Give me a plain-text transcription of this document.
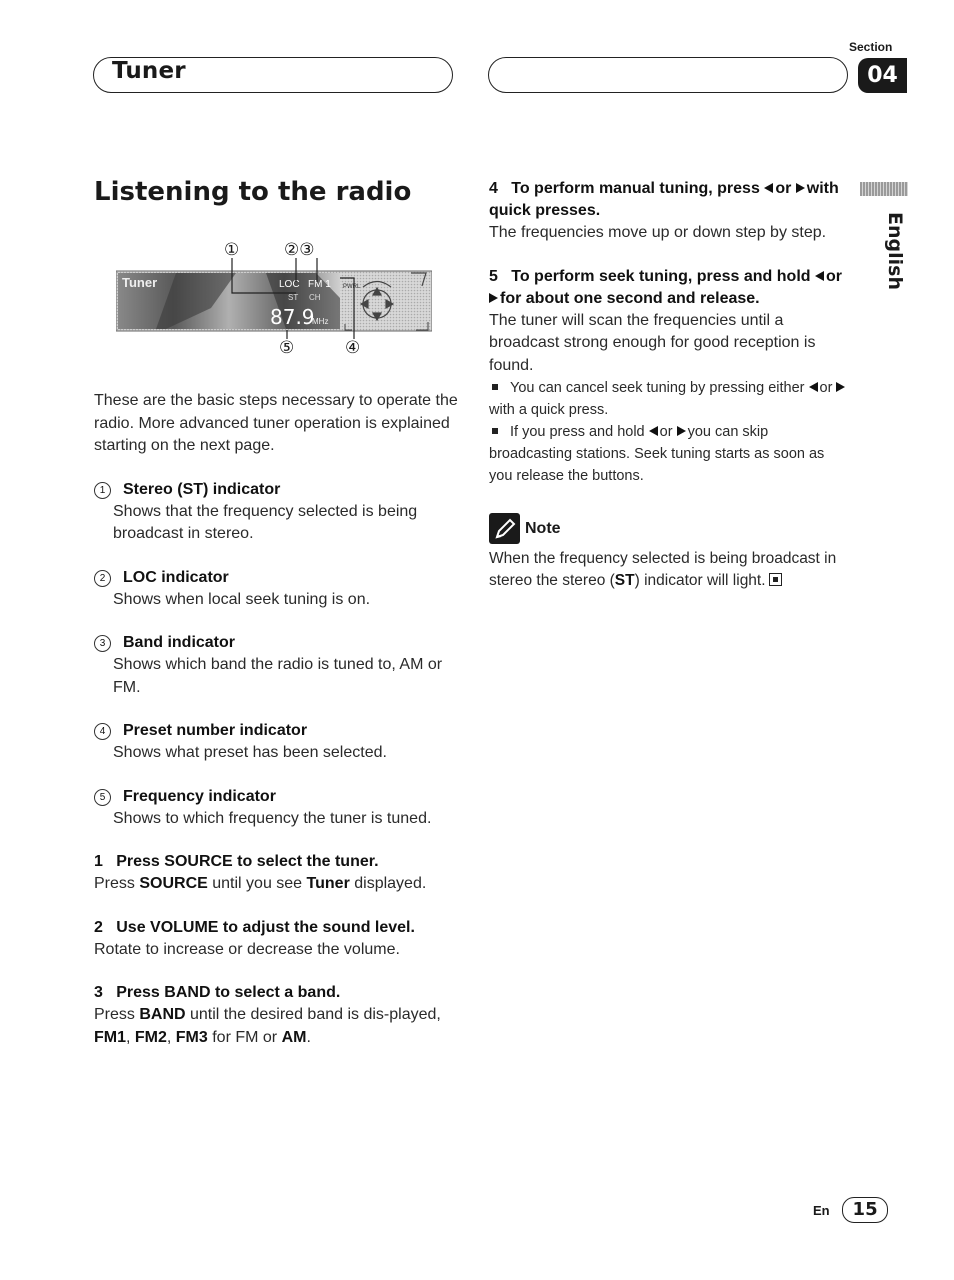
Tuner
Section
04
English
Listening to the radio
Tuner	LOC FM 1
ST CH
87.9
MHz
PWRL
①	②③
⑤	④
These are the basic steps necessary to operate the radio. More advanced tuner operation is explained starting on the next page.
1 Stereo (ST) indicator
Shows that the frequency selected is being broadcast in stereo.
2 LOC indicator
Shows when local seek tuning is on.
3 Band indicator
Shows which band the radio is tuned to, AM or FM.
4 Preset number indicator
Shows what preset has been selected.
5 Frequency indicator
Shows to which frequency the tuner is tuned.
1   Press SOURCE to select the tuner.
Press SOURCE until you see Tuner displayed.
2   Use VOLUME to adjust the sound level.
Rotate to increase or decrease the volume.
3   Press BAND to select a band.
Press BAND until the desired band is dis-played, FM1, FM2, FM3 for FM or AM.
4   To perform manual tuning, press or with quick presses.
The frequencies move up or down step by step.
5   To perform seek tuning, press and hold or for about one second and release.
The tuner will scan the frequencies until a broadcast strong enough for good reception is found.
You can cancel seek tuning by pressing either or with a quick press.
If you press and hold or you can skip broadcasting stations. Seek tuning starts as soon as you release the buttons.
Note
When the frequency selected is being broadcast in stereo the stereo (ST) indicator will light.
En 15
